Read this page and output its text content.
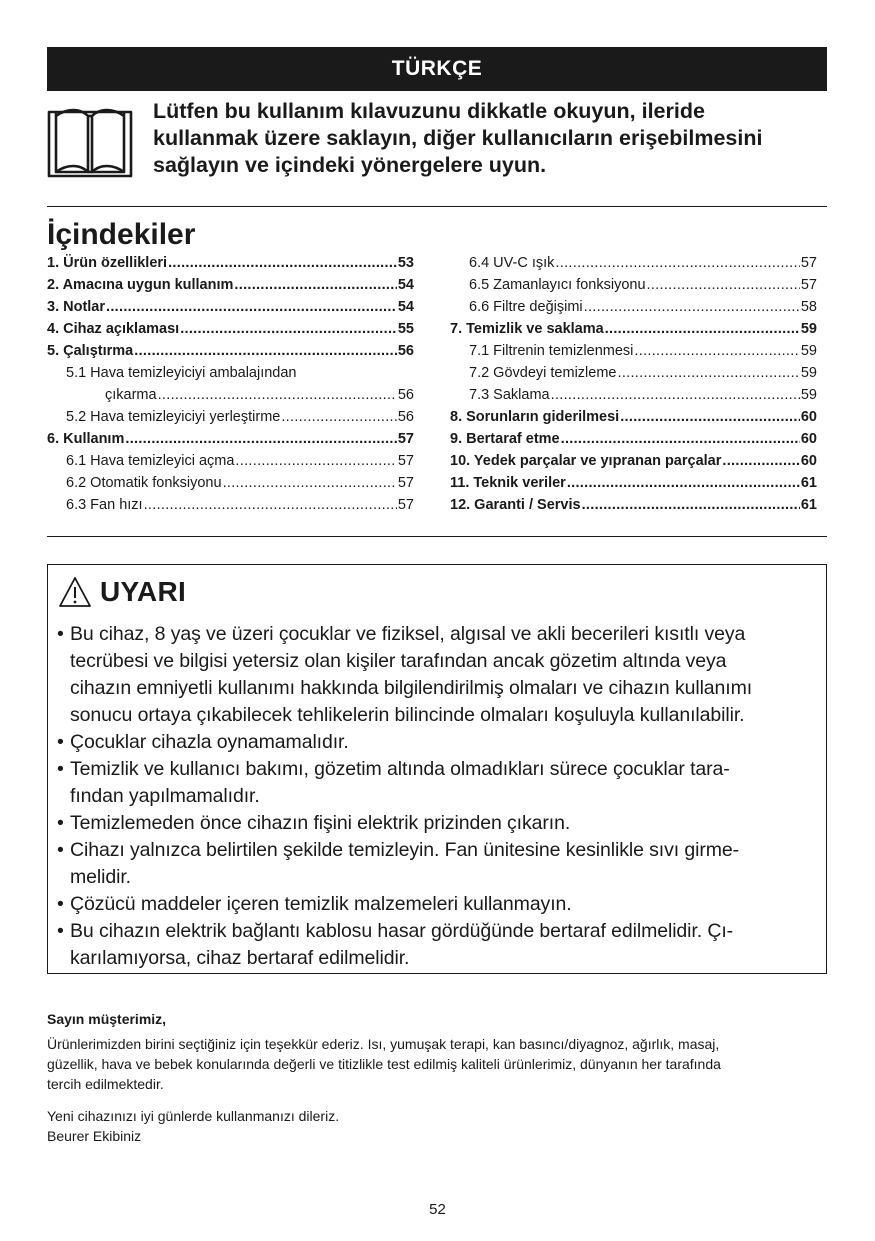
TÜRKÇE
Lütfen bu kullanım kılavuzunu dikkatle okuyun, ileride
kullanmak üzere saklayın, diğer kullanıcıların erişebilmesini
sağlayın ve içindeki yönergelere uyun.
İçindekiler
1. Ürün özellikleri .....	53
2. Amacına uygun kullanım .....	54
3. Notlar .....	54
4. Cihaz açıklaması .....	55
5. Çalıştırma .....	56
5.1 Hava temizleyiciyi ambalajından
çıkarma .....	56
5.2 Hava temizleyiciyi yerleştirme .....	56
6. Kullanım .....	57
6.1 Hava temizleyici açma .....	57
6.2 Otomatik fonksiyonu .....	57
6.3 Fan hızı .....	57
6.4 UV-C ışık .....	57
6.5 Zamanlayıcı fonksiyonu .....	57
6.6 Filtre değişimi .....	58
7. Temizlik ve saklama .....	59
7.1 Filtrenin temizlenmesi .....	59
7.2 Gövdeyi temizleme .....	59
7.3 Saklama .....	59
8. Sorunların giderilmesi .....	60
9. Bertaraf etme .....	60
10. Yedek parçalar ve yıpranan parçalar .....	60
11. Teknik veriler .....	61
12. Garanti / Servis .....	61
UYARI
• Bu cihaz, 8 yaş ve üzeri çocuklar ve fiziksel, algısal ve akli becerileri kısıtlı veya
tecrübesi ve bilgisi yetersiz olan kişiler tarafından ancak gözetim altında veya
cihazın emniyetli kullanımı hakkında bilgilendirilmiş olmaları ve cihazın kullanımı
sonucu ortaya çıkabilecek tehlikelerin bilincinde olmaları koşuluyla kullanılabilir.
• Çocuklar cihazla oynamamalıdır.
• Temizlik ve kullanıcı bakımı, gözetim altında olmadıkları sürece çocuklar tara-
fından yapılmamalıdır.
• Temizlemeden önce cihazın fişini elektrik prizinden çıkarın.
• Cihazı yalnızca belirtilen şekilde temizleyin. Fan ünitesine kesinlikle sıvı girme-
melidir.
• Çözücü maddeler içeren temizlik malzemeleri kullanmayın.
• Bu cihazın elektrik bağlantı kablosu hasar gördüğünde bertaraf edilmelidir. Çı-
karılamıyorsa, cihaz bertaraf edilmelidir.
Sayın müşterimiz,
Ürünlerimizden birini seçtiğiniz için teşekkür ederiz. Isı, yumuşak terapi, kan basıncı/diyagnoz, ağırlık, masaj,
güzellik, hava ve bebek konularında değerli ve titizlikle test edilmiş kaliteli ürünlerimiz, dünyanın her tarafında
tercih edilmektedir.
Yeni cihazınızı iyi günlerde kullanmanızı dileriz.
Beurer Ekibiniz
52
